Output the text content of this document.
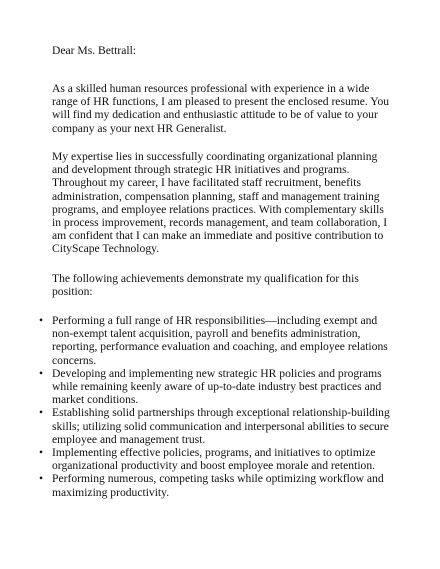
Dear Ms. Bettrall:

As a skilled human resources professional with experience in a wide range of HR functions, I am pleased to present the enclosed resume. You will find my dedication and enthusiastic attitude to be of value to your company as your next HR Generalist.

My expertise lies in successfully coordinating organizational planning and development through strategic HR initiatives and programs. Throughout my career, I have facilitated staff recruitment, benefits administration, compensation planning, staff and management training programs, and employee relations practices. With complementary skills in process improvement, records management, and team collaboration, I am confident that I can make an immediate and positive contribution to CityScape Technology.

The following achievements demonstrate my qualification for this position:

• Performing a full range of HR responsibilities—including exempt and non-exempt talent acquisition, payroll and benefits administration, reporting, performance evaluation and coaching, and employee relations concerns.
• Developing and implementing new strategic HR policies and programs while remaining keenly aware of up-to-date industry best practices and market conditions.
• Establishing solid partnerships through exceptional relationship-building skills; utilizing solid communication and interpersonal abilities to secure employee and management trust.
• Implementing effective policies, programs, and initiatives to optimize organizational productivity and boost employee morale and retention.
• Performing numerous, competing tasks while optimizing workflow and maximizing productivity.
